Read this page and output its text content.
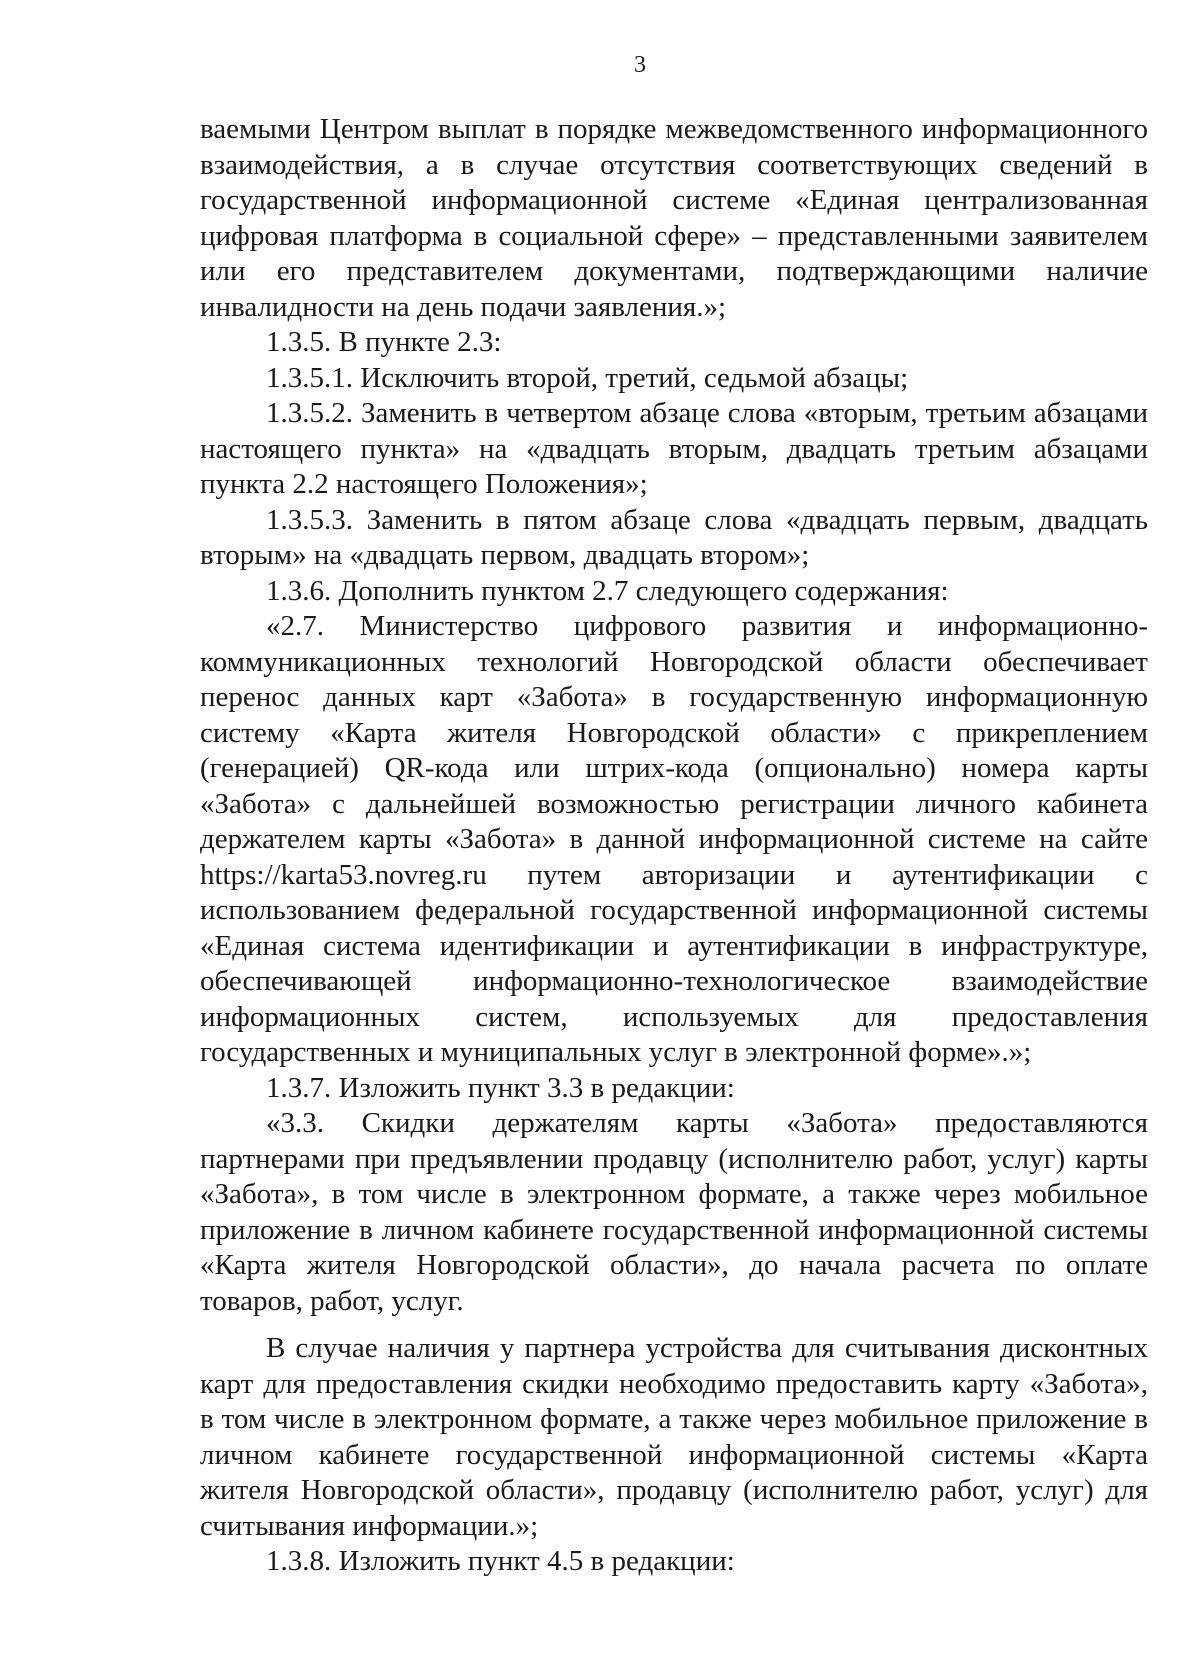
3

ваемыми Центром выплат в порядке межведомственного информационного взаимодействия, а в случае отсутствия соответствующих сведений в государственной информационной системе «Единая централизованная цифровая платформа в социальной сфере» – представленными заявителем или его представителем документами, подтверждающими наличие инвалидности на день подачи заявления.»;

1.3.5. В пункте 2.3:

1.3.5.1. Исключить второй, третий, седьмой абзацы;

1.3.5.2. Заменить в четвертом абзаце слова «вторым, третьим абзацами настоящего пункта» на «двадцать вторым, двадцать третьим абзацами пункта 2.2 настоящего Положения»;

1.3.5.3. Заменить в пятом абзаце слова «двадцать первым, двадцать вторым» на «двадцать первом, двадцать втором»;

1.3.6. Дополнить пунктом 2.7 следующего содержания:

«2.7. Министерство цифрового развития и информационно-коммуникационных технологий Новгородской области обеспечивает перенос данных карт «Забота» в государственную информационную систему «Карта жителя Новгородской области» с прикреплением (генерацией) QR-кода или штрих-кода (опционально) номера карты «Забота» с дальнейшей возможностью регистрации личного кабинета держателем карты «Забота» в данной информационной системе на сайте https://karta53.novreg.ru путем авторизации и аутентификации с использованием федеральной государственной информационной системы «Единая система идентификации и аутентификации в инфраструктуре, обеспечивающей информационно-технологическое взаимодействие информационных систем, используемых для предоставления государственных и муниципальных услуг в электронной форме».»;

1.3.7. Изложить пункт 3.3 в редакции:

«3.3. Скидки держателям карты «Забота» предоставляются партнерами при предъявлении продавцу (исполнителю работ, услуг) карты «Забота», в том числе в электронном формате, а также через мобильное приложение в личном кабинете государственной информационной системы «Карта жителя Новгородской области», до начала расчета по оплате товаров, работ, услуг.

В случае наличия у партнера устройства для считывания дисконтных карт для предоставления скидки необходимо предоставить карту «Забота», в том числе в электронном формате, а также через мобильное приложение в личном кабинете государственной информационной системы «Карта жителя Новгородской области», продавцу (исполнителю работ, услуг) для считывания информации.»;

1.3.8. Изложить пункт 4.5 в редакции:
